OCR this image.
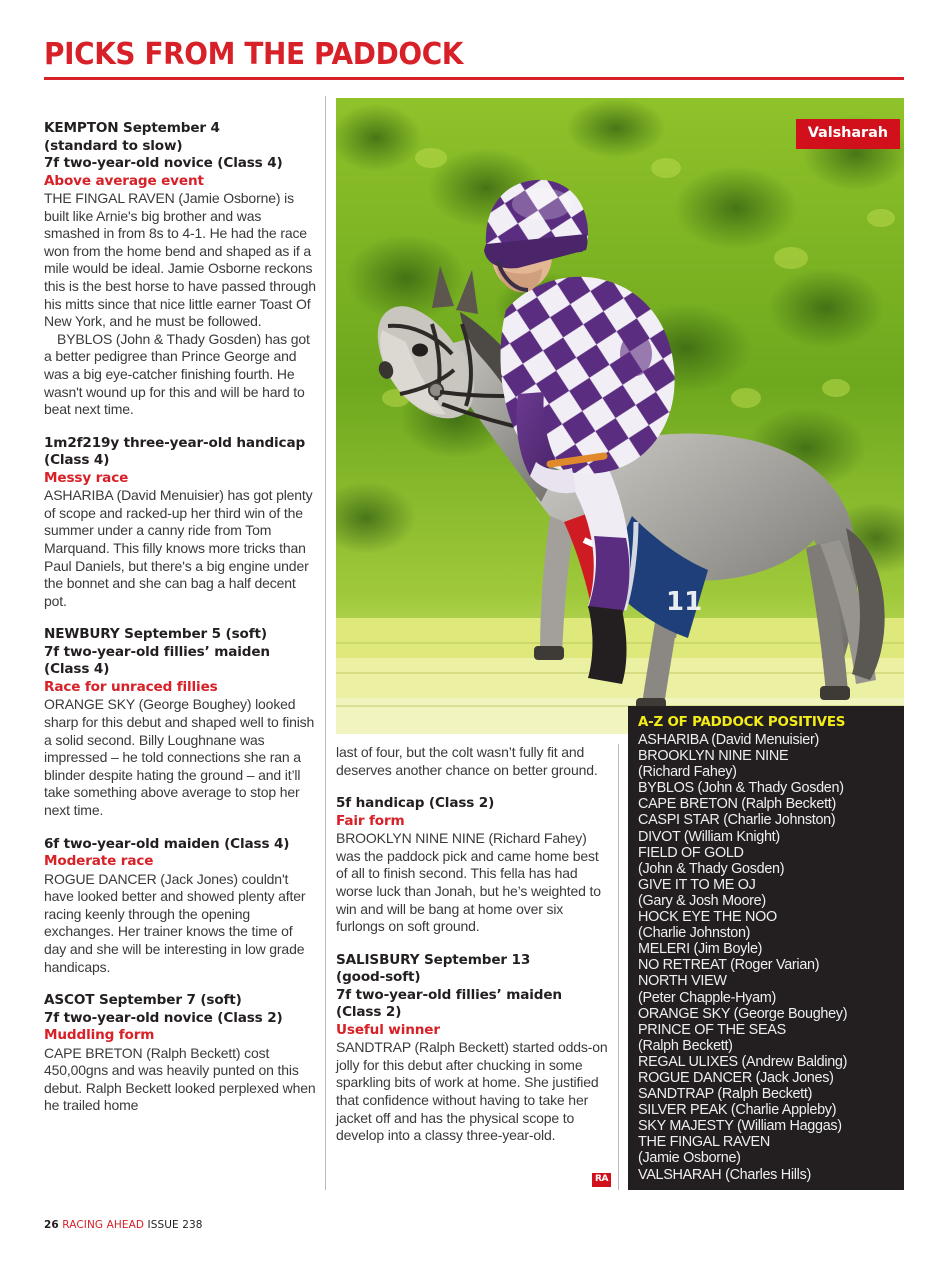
PICKS FROM THE PADDOCK
11
Valsharah
KEMPTON September 4
(standard to slow)
7f two-year-old novice (Class 4)
Above average event

THE FINGAL RAVEN (Jamie Osborne) is built like Arnie's big brother and was smashed in from 8s to 4-1. He had the race won from the home bend and shaped as if a mile would be ideal. Jamie Osborne reckons this is the best horse to have passed through his mitts since that nice little earner Toast Of New York, and he must be followed.

BYBLOS (John & Thady Gosden) has got a better pedigree than Prince George and was a big eye-catcher finishing fourth. He wasn't wound up for this and will be hard to beat next time.

1m2f219y three-year-old handicap
(Class 4)
Messy race

ASHARIBA (David Menuisier) has got plenty of scope and racked-up her third win of the summer under a canny ride from Tom Marquand. This filly knows more tricks than Paul Daniels, but there's a big engine under the bonnet and she can bag a half decent pot.

NEWBURY September 5 (soft)
7f two-year-old fillies’ maiden
(Class 4)
Race for unraced fillies

ORANGE SKY (George Boughey) looked sharp for this debut and shaped well to finish a solid second. Billy Loughnane was impressed – he told connections she ran a blinder despite hating the ground – and it’ll take something above average to stop her next time.

6f two-year-old maiden (Class 4)
Moderate race

ROGUE DANCER (Jack Jones) couldn't have looked better and showed plenty after racing keenly through the opening exchanges. Her trainer knows the time of day and she will be interesting in low grade handicaps.

ASCOT September 7 (soft)
7f two-year-old novice (Class 2)
Muddling form

CAPE BRETON (Ralph Beckett) cost 450,00gns and was heavily punted on this debut. Ralph Beckett looked perplexed when he trailed home

last of four, but the colt wasn’t fully fit and deserves another chance on better ground.

5f handicap (Class 2)
Fair form

BROOKLYN NINE NINE (Richard Fahey) was the paddock pick and came home best of all to finish second. This fella has had worse luck than Jonah, but he’s weighted to win and will be bang at home over six furlongs on soft ground.

SALISBURY September 13
(good-soft)
7f two-year-old fillies’ maiden
(Class 2)
Useful winner

SANDTRAP (Ralph Beckett) started odds-on jolly for this debut after chucking in some sparkling bits of work at home. She justified that confidence without having to take her jacket off and has the physical scope to develop into a classy three-year-old.

RA
A-Z OF PADDOCK POSITIVES
ASHARIBA (David Menuisier)
BROOKLYN NINE NINE
(Richard Fahey)
BYBLOS (John & Thady Gosden)
CAPE BRETON (Ralph Beckett)
CASPI STAR (Charlie Johnston)
DIVOT (William Knight)
FIELD OF GOLD
(John & Thady Gosden)
GIVE IT TO ME OJ
(Gary & Josh Moore)
HOCK EYE THE NOO
(Charlie Johnston)
MELERI (Jim Boyle)
NO RETREAT (Roger Varian)
NORTH VIEW
(Peter Chapple-Hyam)
ORANGE SKY (George Boughey)
PRINCE OF THE SEAS
(Ralph Beckett)
REGAL ULIXES (Andrew Balding)
ROGUE DANCER (Jack Jones)
SANDTRAP (Ralph Beckett)
SILVER PEAK (Charlie Appleby)
SKY MAJESTY (William Haggas)
THE FINGAL RAVEN
(Jamie Osborne)
VALSHARAH (Charles Hills)
26 RACING AHEAD ISSUE 238
